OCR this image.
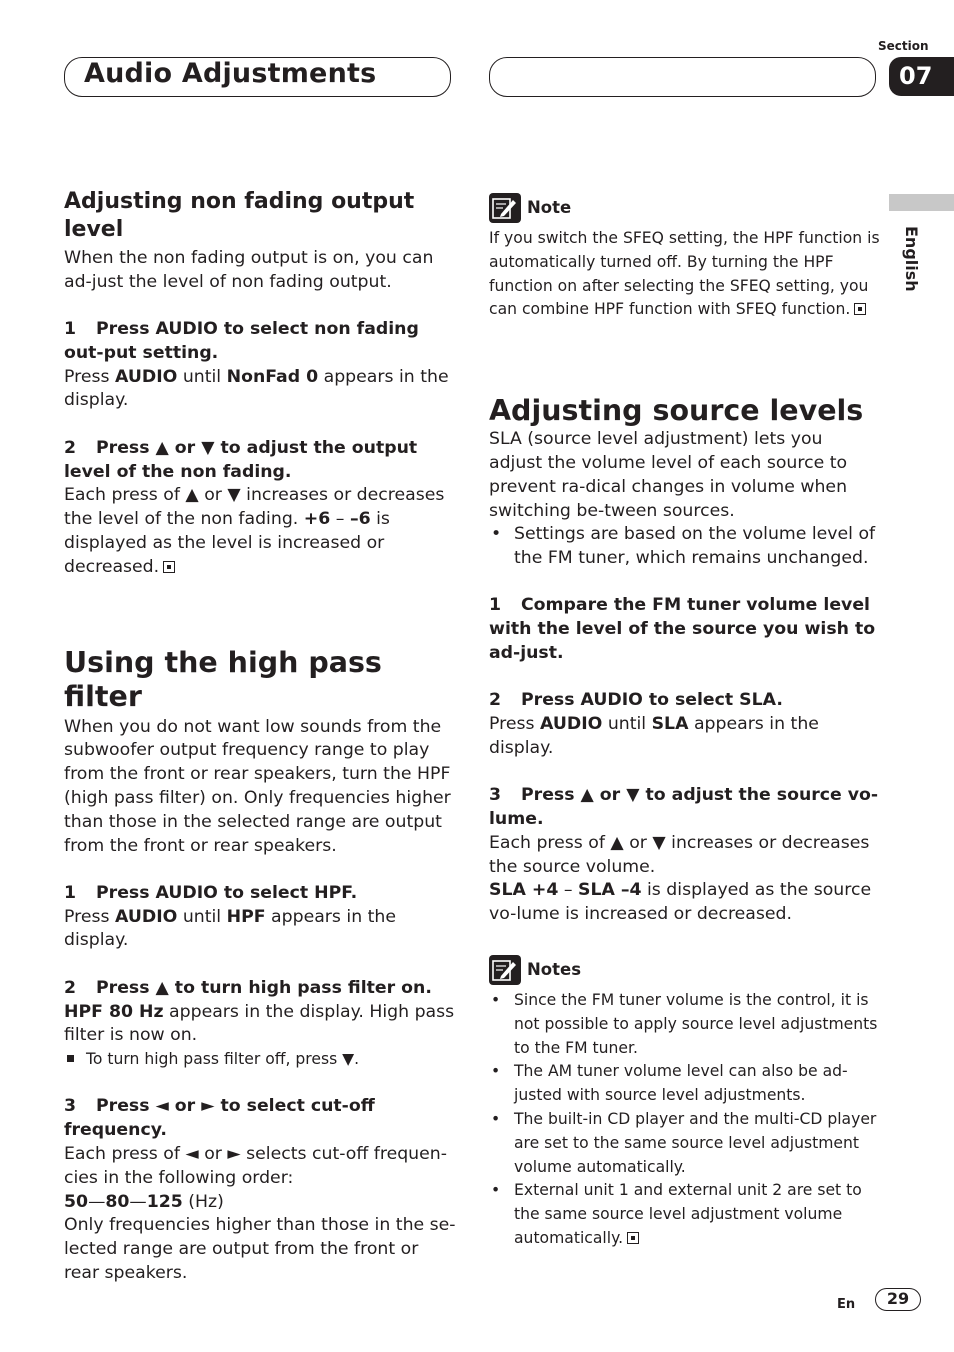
Audio Adjustments
Section
07
English

Adjusting non fading output level

When the non fading output is on, you can ad-just the level of non fading output.

1 Press AUDIO to select non fading out-put setting.

Press AUDIO until NonFad 0 appears in the display.

2 Press ▲ or ▼ to adjust the output level of the non fading.

Each press of ▲ or ▼ increases or decreases the level of the non fading. +6 – –6 is displayed as the level is increased or decreased.

Using the high pass filter

When you do not want low sounds from the subwoofer output frequency range to play from the front or rear speakers, turn the HPF (high pass filter) on. Only frequencies higher than those in the selected range are output from the front or rear speakers.

1 Press AUDIO to select HPF.

Press AUDIO until HPF appears in the display.

2 Press ▲ to turn high pass filter on.

HPF 80 Hz appears in the display. High pass filter is now on.

To turn high pass filter off, press ▼.

3 Press ◄ or ► to select cut-off frequency.

Each press of ◄ or ► selects cut-off frequen-cies in the following order:

50—80—125 (Hz)

Only frequencies higher than those in the se-lected range are output from the front or rear speakers.

Note

If you switch the SFEQ setting, the HPF function is automatically turned off. By turning the HPF function on after selecting the SFEQ setting, you can combine HPF function with SFEQ function.

Adjusting source levels

SLA (source level adjustment) lets you adjust the volume level of each source to prevent ra-dical changes in volume when switching be-tween sources.

• Settings are based on the volume level of the FM tuner, which remains unchanged.

1 Compare the FM tuner volume level with the level of the source you wish to ad-just.

2 Press AUDIO to select SLA.

Press AUDIO until SLA appears in the display.

3 Press ▲ or ▼ to adjust the source vo-lume.

Each press of ▲ or ▼ increases or decreases the source volume.

SLA +4 – SLA –4 is displayed as the source vo-lume is increased or decreased.

Notes
• Since the FM tuner volume is the control, it is not possible to apply source level adjustments to the FM tuner.
• The AM tuner volume level can also be ad-justed with source level adjustments.
• The built-in CD player and the multi-CD player are set to the same source level adjustment volume automatically.
• External unit 1 and external unit 2 are set to the same source level adjustment volume automatically.
En	29
